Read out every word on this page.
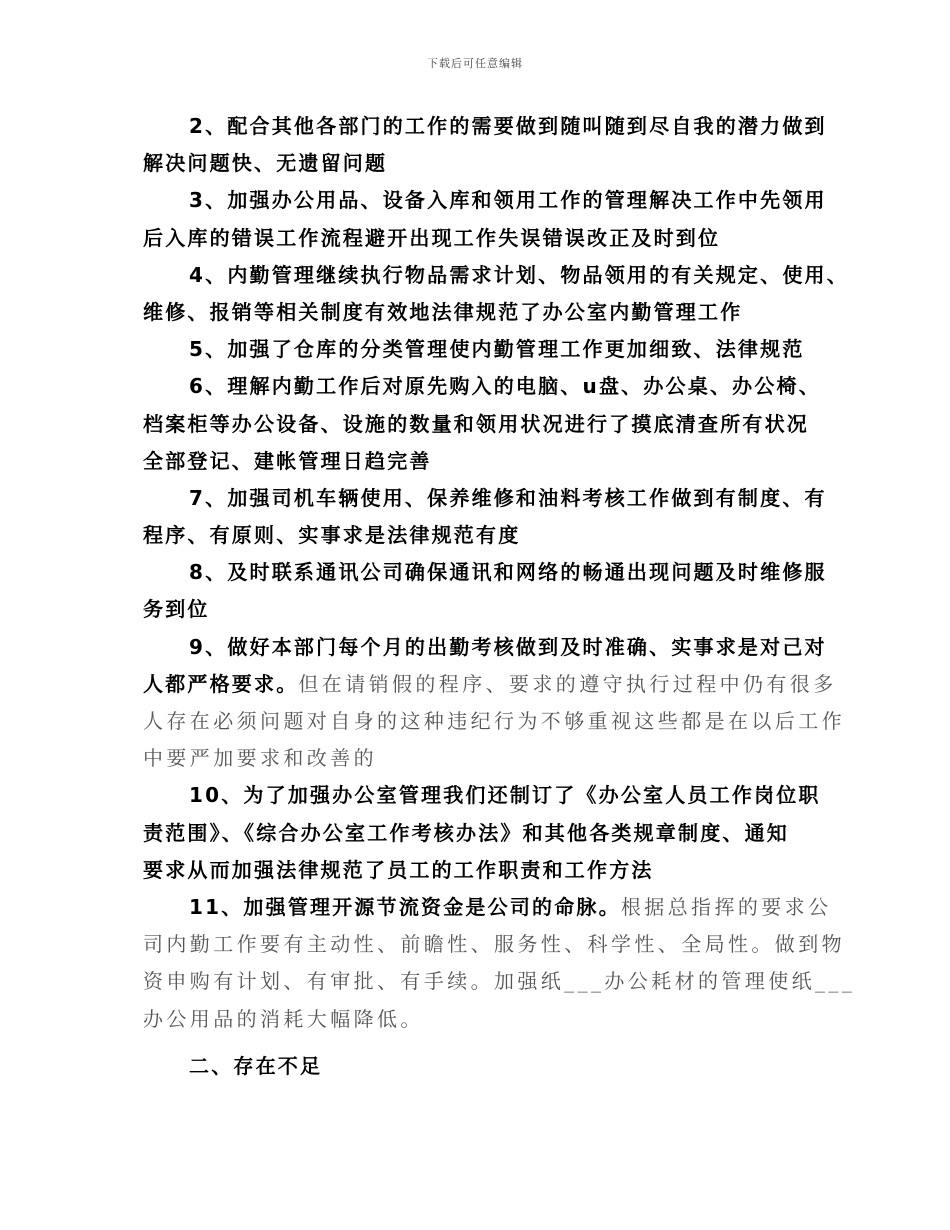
下载后可任意编辑
2、配合其他各部门的工作的需要做到随叫随到尽自我的潜力做到
解决问题快、无遗留问题
3、加强办公用品、设备入库和领用工作的管理解决工作中先领用
后入库的错误工作流程避开出现工作失误错误改正及时到位
4、内勤管理继续执行物品需求计划、物品领用的有关规定、使用、
维修、报销等相关制度有效地法律规范了办公室内勤管理工作
5、加强了仓库的分类管理使内勤管理工作更加细致、法律规范
6、理解内勤工作后对原先购入的电脑、u盘、办公桌、办公椅、
档案柜等办公设备、设施的数量和领用状况进行了摸底清查所有状况
全部登记、建帐管理日趋完善
7、加强司机车辆使用、保养维修和油料考核工作做到有制度、有
程序、有原则、实事求是法律规范有度
8、及时联系通讯公司确保通讯和网络的畅通出现问题及时维修服
务到位
9、做好本部门每个月的出勤考核做到及时准确、实事求是对己对
人都严格要求。但在请销假的程序、要求的遵守执行过程中仍有很多
人存在必须问题对自身的这种违纪行为不够重视这些都是在以后工作
中要严加要求和改善的
10、为了加强办公室管理我们还制订了《办公室人员工作岗位职
责范围》、《综合办公室工作考核办法》和其他各类规章制度、通知
要求从而加强法律规范了员工的工作职责和工作方法
11、加强管理开源节流资金是公司的命脉。根据总指挥的要求公
司内勤工作要有主动性、前瞻性、服务性、科学性、全局性。做到物
资申购有计划、有审批、有手续。加强纸___办公耗材的管理使纸___
办公用品的消耗大幅降低。
二、存在不足
